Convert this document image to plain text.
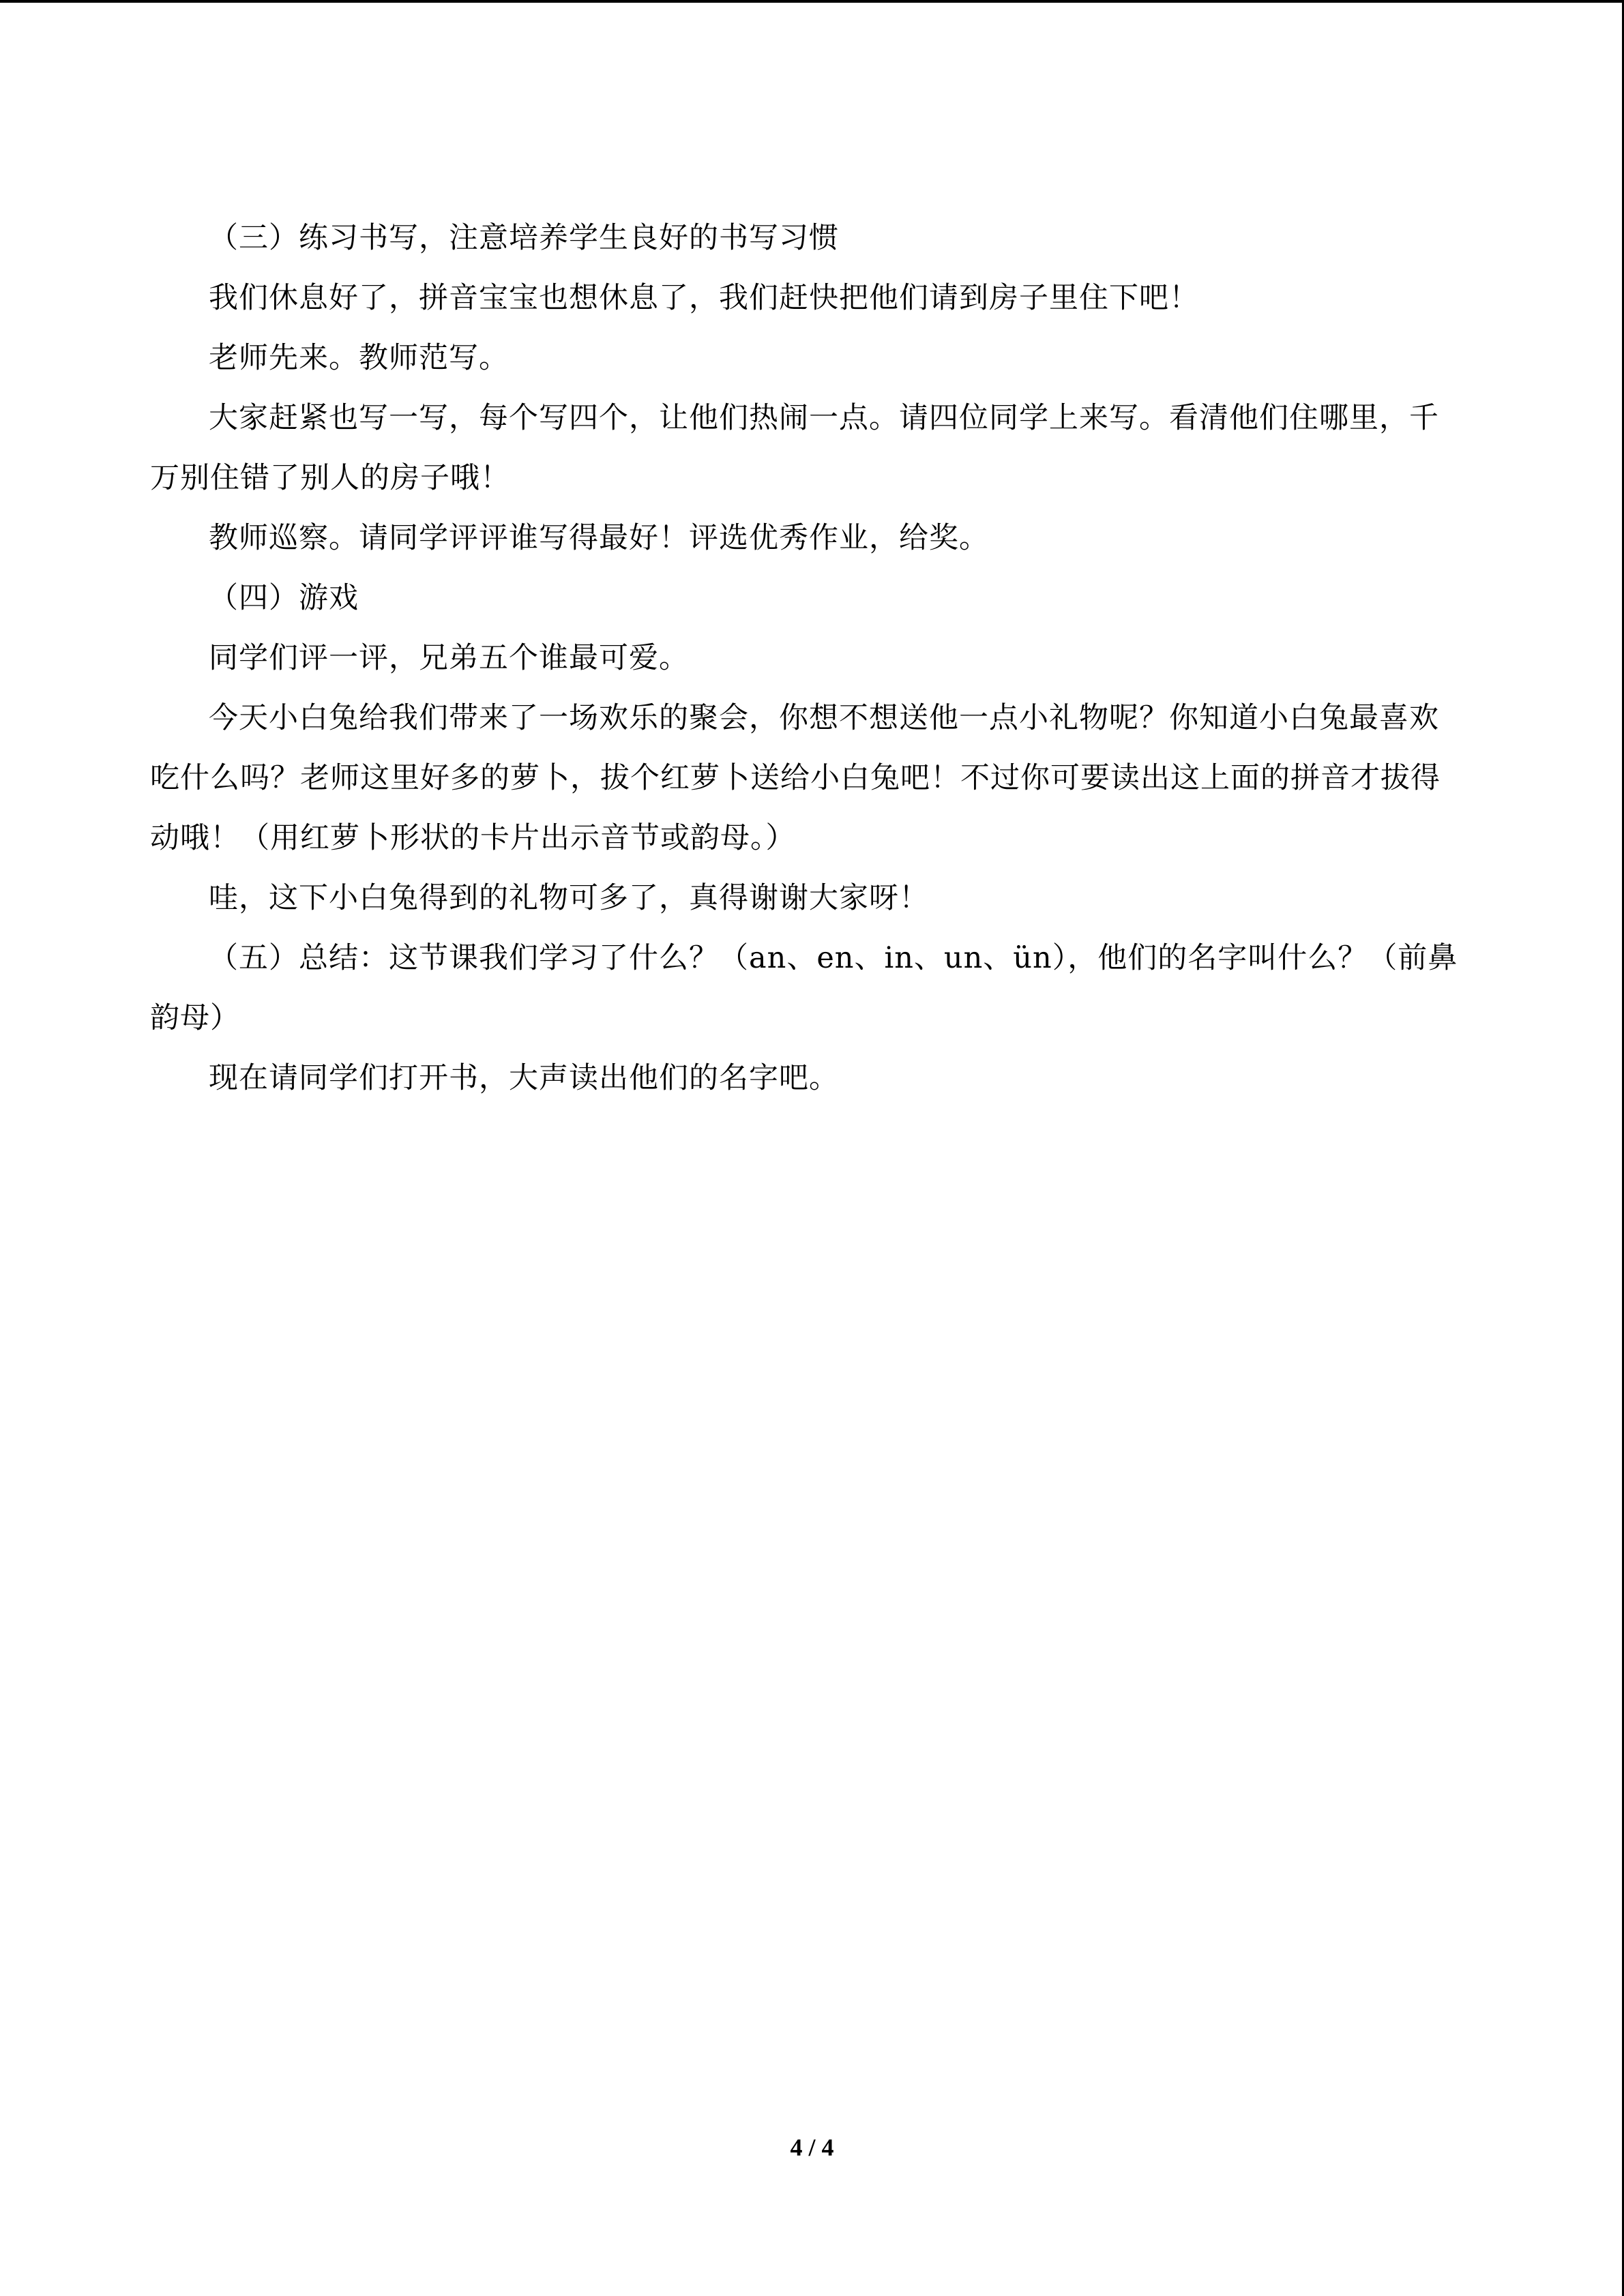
（三）练习书写，注意培养学生良好的书写习惯

我们休息好了，拼音宝宝也想休息了，我们赶快把他们请到房子里住下吧！

老师先来。教师范写。

大家赶紧也写一写，每个写四个，让他们热闹一点。请四位同学上来写。看清他们住哪里，千万别住错了别人的房子哦！

教师巡察。请同学评评谁写得最好！评选优秀作业，给奖。

（四）游戏

同学们评一评，兄弟五个谁最可爱。

今天小白兔给我们带来了一场欢乐的聚会，你想不想送他一点小礼物呢？你知道小白兔最喜欢吃什么吗？老师这里好多的萝卜，拔个红萝卜送给小白兔吧！不过你可要读出这上面的拼音才拔得动哦！（用红萝卜形状的卡片出示音节或韵母。）

哇，这下小白兔得到的礼物可多了，真得谢谢大家呀！

（五）总结：这节课我们学习了什么？（an、en、in、un、ün），他们的名字叫什么？（前鼻韵母）

现在请同学们打开书，大声读出他们的名字吧。

4 / 4
